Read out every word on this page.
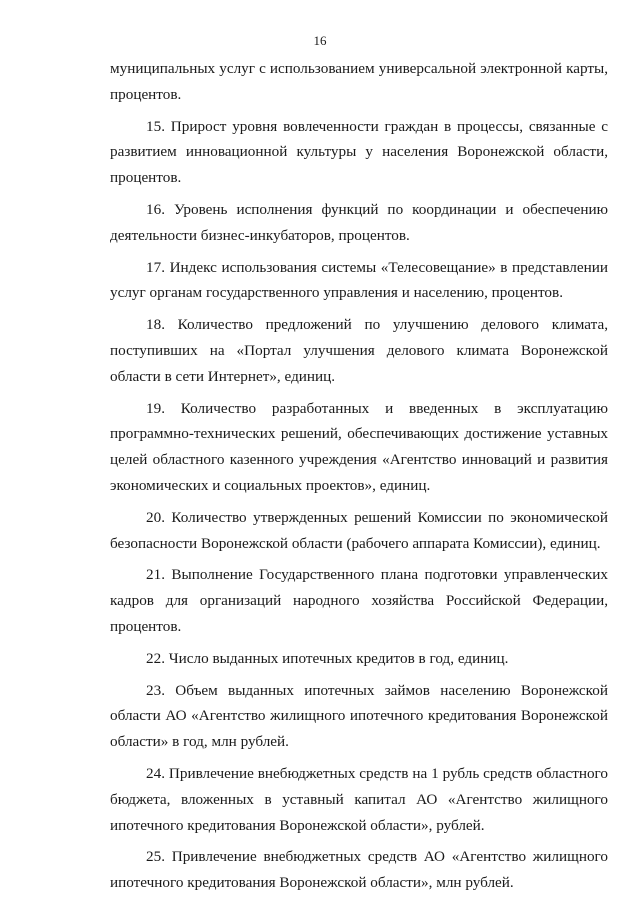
16

муниципальных услуг с использованием универсальной электронной карты, процентов.

15. Прирост уровня вовлеченности граждан в процессы, связанные с развитием инновационной культуры у населения Воронежской области, процентов.

16. Уровень исполнения функций по координации и обеспечению деятельности бизнес-инкубаторов, процентов.

17. Индекс использования системы «Телесовещание» в представлении услуг органам государственного управления и населению, процентов.

18. Количество предложений по улучшению делового климата, поступивших на «Портал улучшения делового климата Воронежской области в сети Интернет», единиц.

19. Количество разработанных и введенных в эксплуатацию программно-технических решений, обеспечивающих достижение уставных целей областного казенного учреждения «Агентство инноваций и развития экономических и социальных проектов», единиц.

20. Количество утвержденных решений Комиссии по экономической безопасности Воронежской области (рабочего аппарата Комиссии), единиц.

21. Выполнение Государственного плана подготовки управленческих кадров для организаций народного хозяйства Российской Федерации, процентов.

22. Число выданных ипотечных кредитов в год, единиц.

23. Объем выданных ипотечных займов населению Воронежской области АО «Агентство жилищного ипотечного кредитования Воронежской области» в год, млн рублей.

24. Привлечение внебюджетных средств на 1 рубль средств областного бюджета, вложенных в уставный капитал АО «Агентство жилищного ипотечного кредитования Воронежской области», рублей.

25. Привлечение внебюджетных средств АО «Агентство жилищного ипотечного кредитования Воронежской области», млн рублей.
